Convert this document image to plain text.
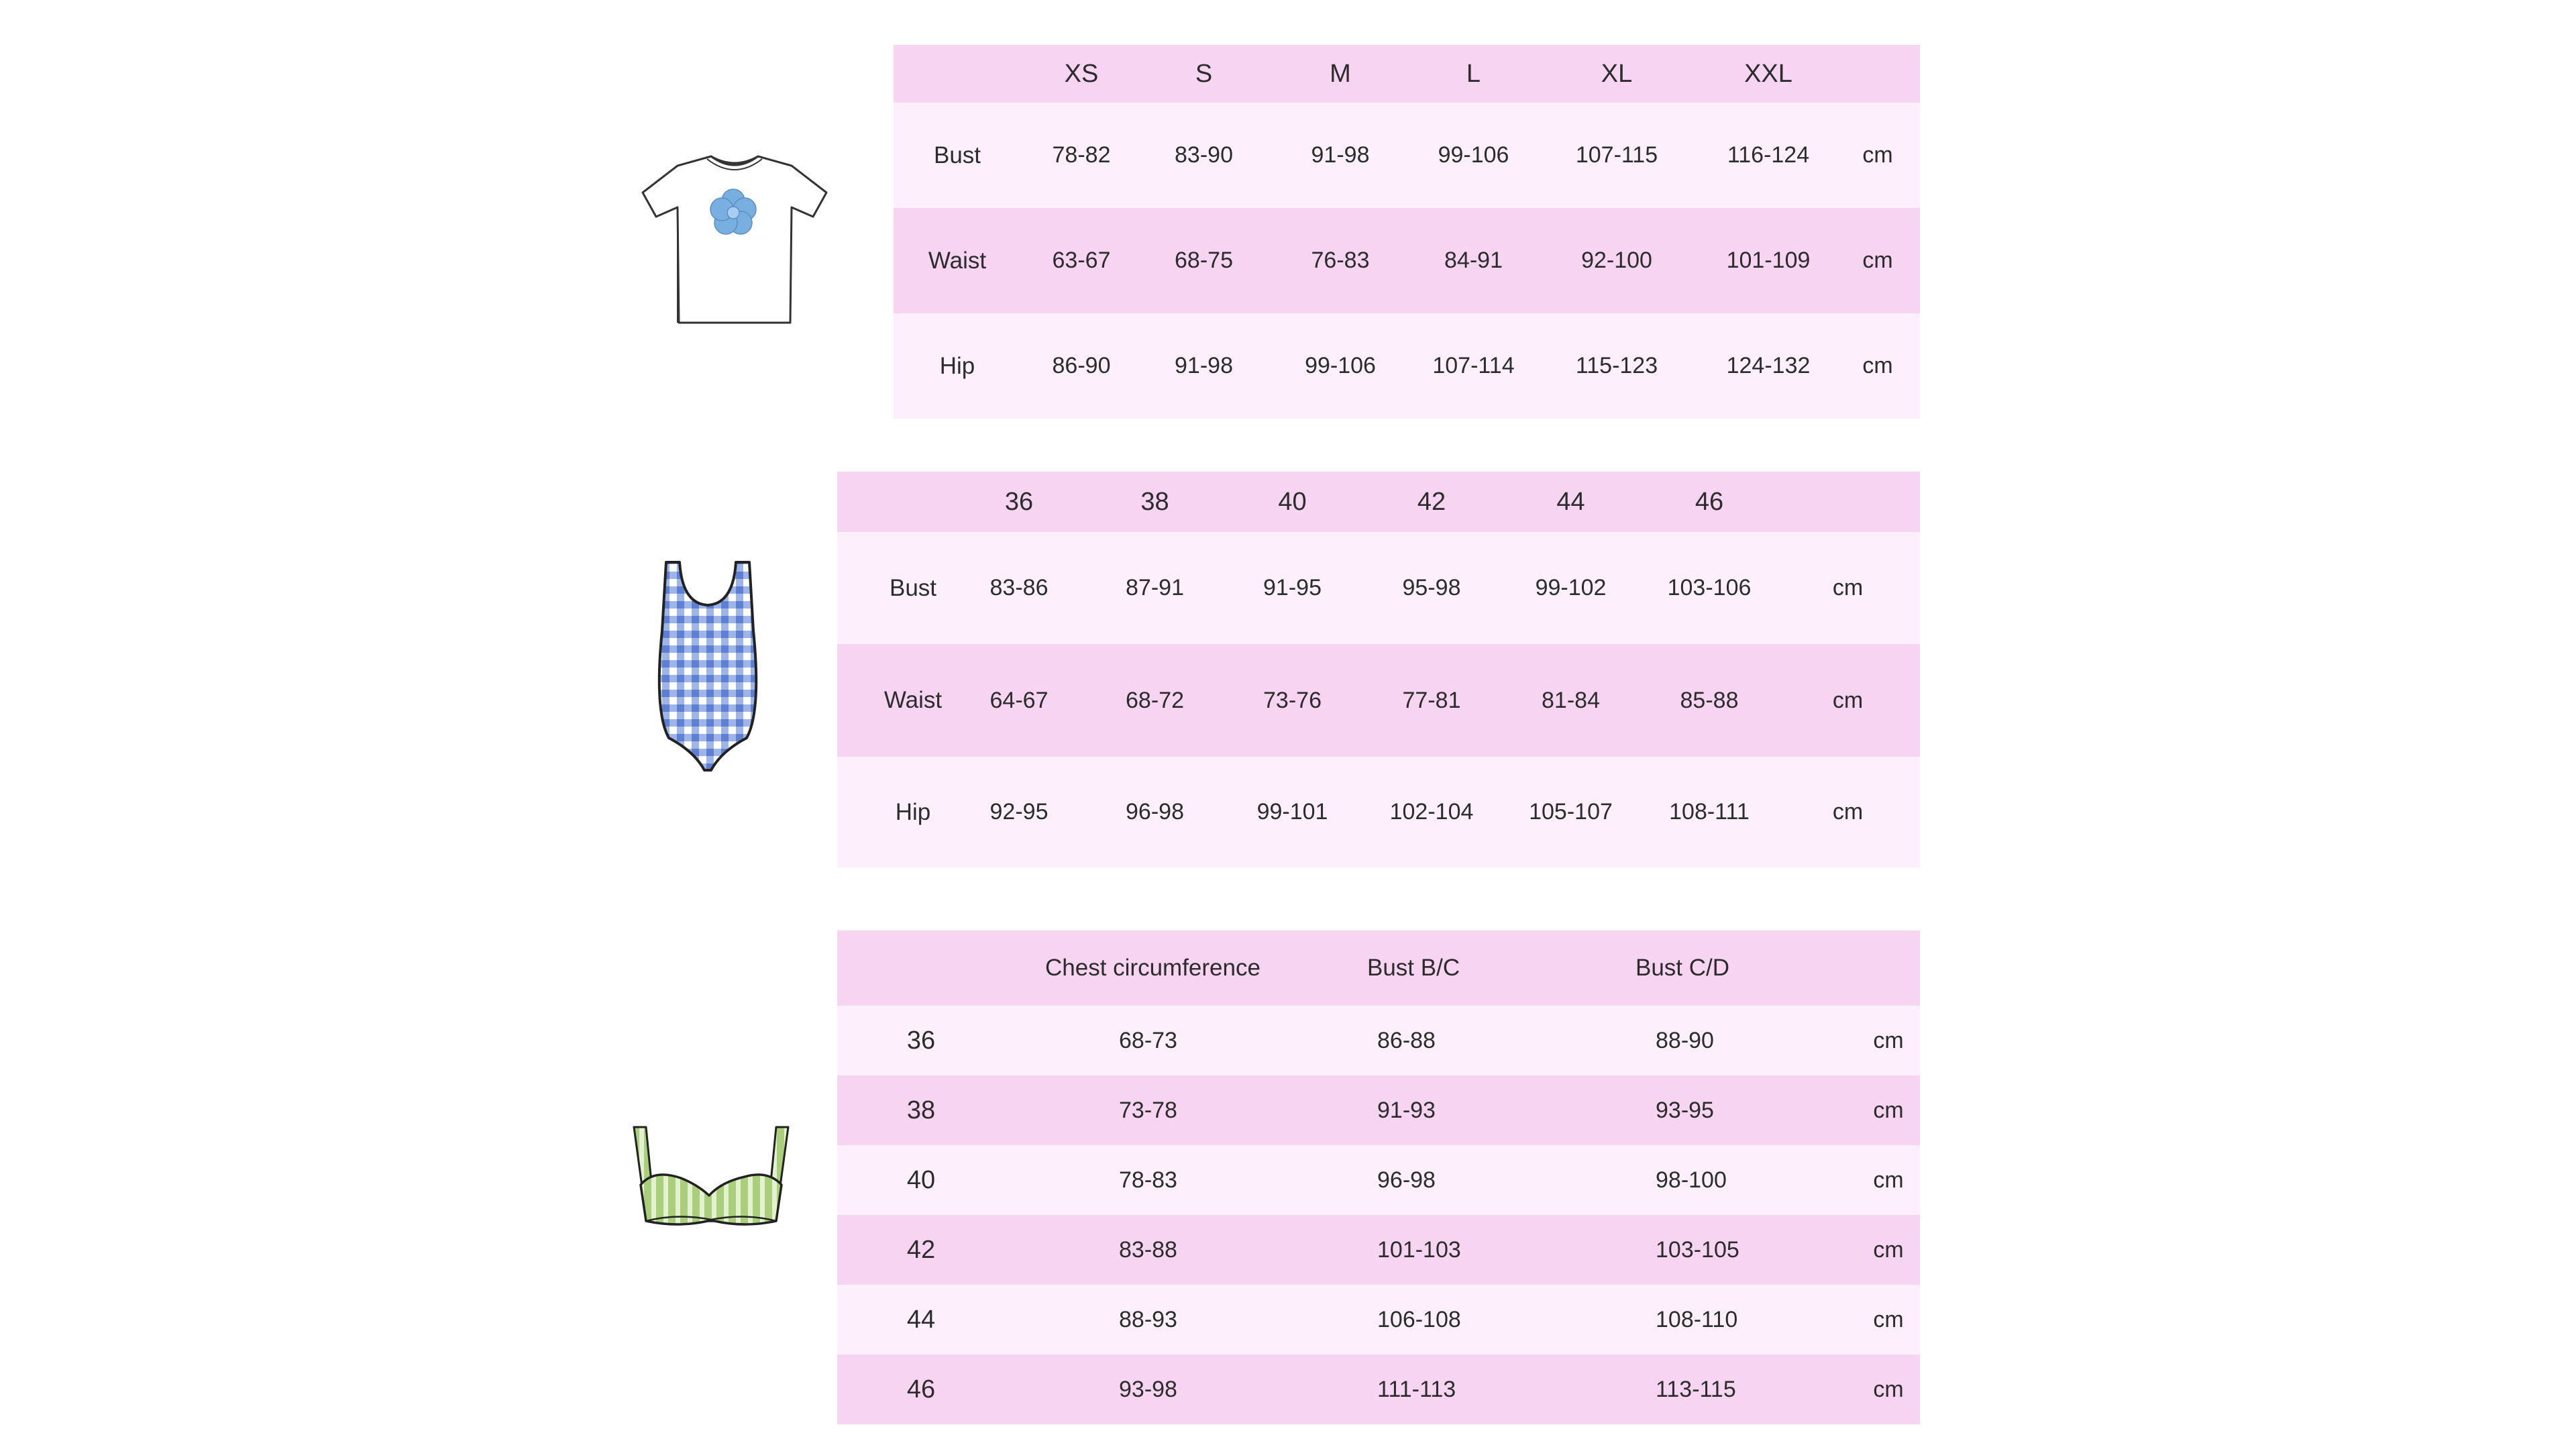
	XS	S	M	L	XL	XXL	
Bust	78-82	83-90	91-98	99-106	107-115	116-124	cm
Waist	63-67	68-75	76-83	84-91	92-100	101-109	cm
Hip	86-90	91-98	99-106	107-114	115-123	124-132	cm
	36	38	40	42	44	46	
Bust	83-86	87-91	91-95	95-98	99-102	103-106	cm
Waist	64-67	68-72	73-76	77-81	81-84	85-88	cm
Hip	92-95	96-98	99-101	102-104	105-107	108-111	cm
	Chest circumference	Bust B/C	Bust C/D	
36	68-73	86-88	88-90	cm
38	73-78	91-93	93-95	cm
40	78-83	96-98	98-100	cm
42	83-88	101-103	103-105	cm
44	88-93	106-108	108-110	cm
46	93-98	111-113	113-115	cm
